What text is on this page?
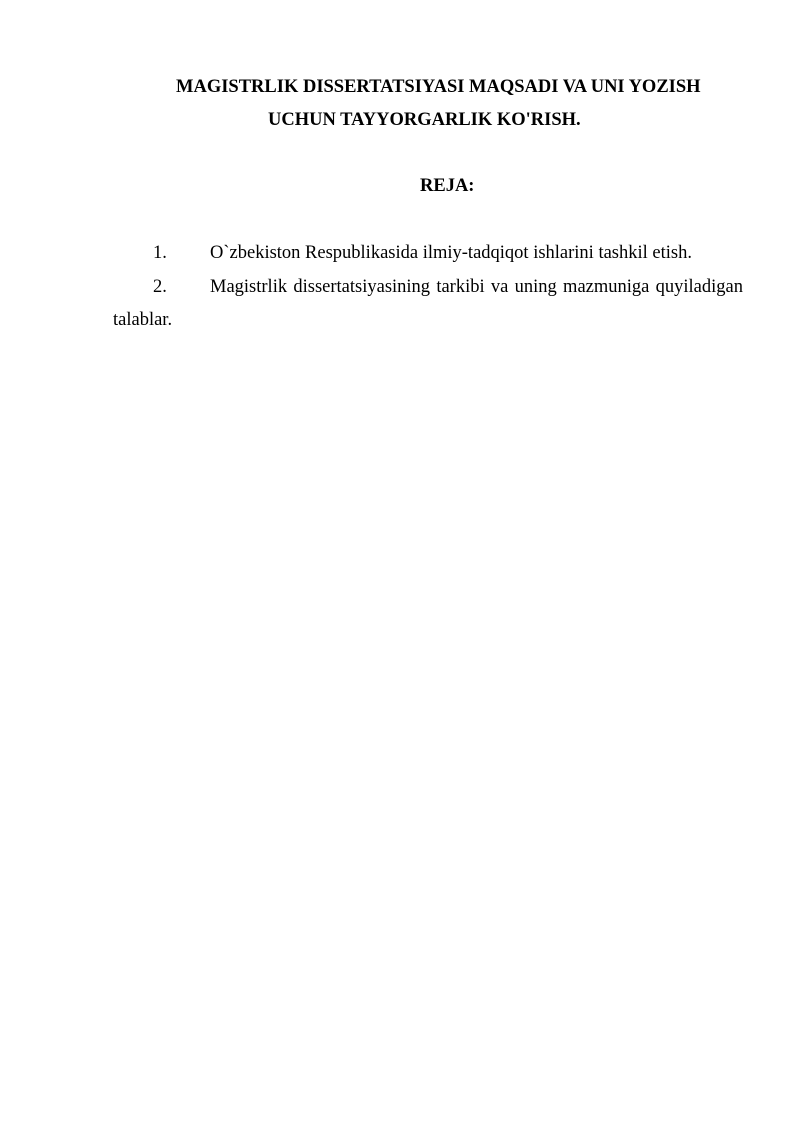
MAGISTRLIK DISSERTATSIYASI MAQSADI VA UNI YOZISH
UCHUN TAYYORGARLIK KO'RISH.
REJA:
1. O`zbekiston Respublikasida ilmiy-tadqiqot ishlarini tashkil etish.
2. Magistrlik dissertatsiyasining tarkibi va uning mazmuniga quyiladigan
talablar.
